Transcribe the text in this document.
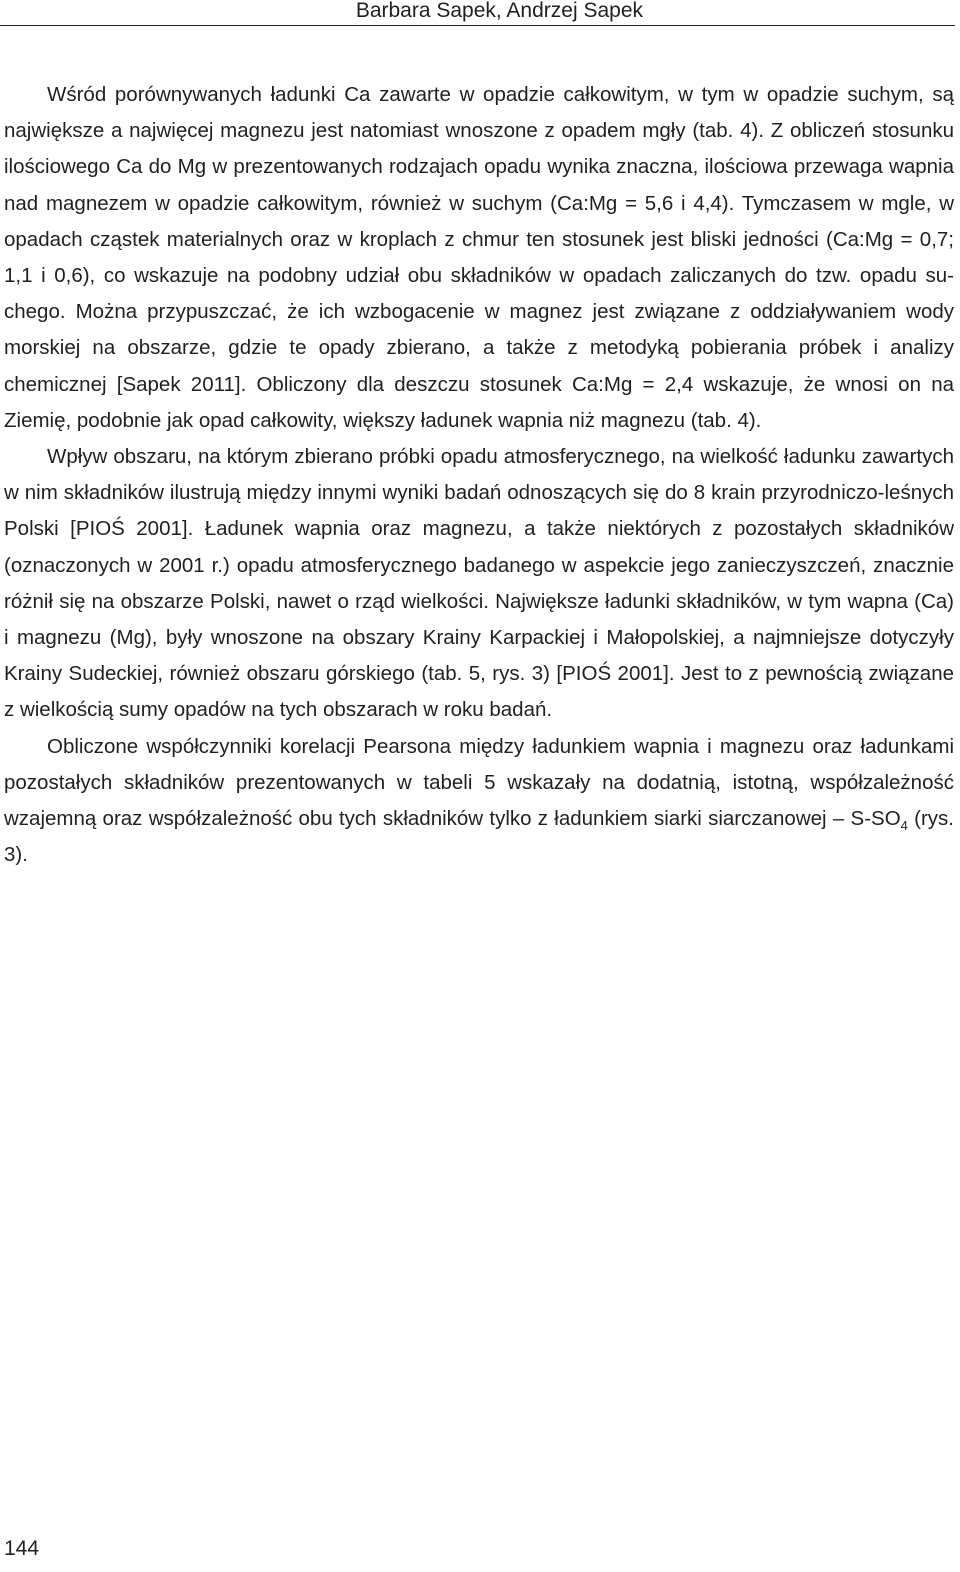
Barbara Sapek, Andrzej Sapek

Wśród porównywanych ładunki Ca zawarte w opadzie całkowitym, w tym w opadzie suchym, są największe a najwięcej magnezu jest natomiast wnoszone z opadem mgły (tab. 4). Z obliczeń stosunku ilościowego Ca do Mg w prezentowanych rodzajach opadu wynika znaczna, ilościowa przewaga wapnia nad magnezem w opadzie całkowitym, również w suchym (Ca:Mg = 5,6 i 4,4). Tymczasem w mgle, w opadach cząstek materialnych oraz w kroplach z chmur ten stosunek jest bliski jedności (Ca:Mg = 0,7; 1,1 i 0,6), co wskazuje na podobny udział obu składników w opadach zaliczanych do tzw. opadu suchego. Można przypuszczać, że ich wzbogacenie w magnez jest związane z oddziaływaniem wody morskiej na obszarze, gdzie te opady zbierano, a także z metodyką pobierania próbek i analizy chemicznej [Sapek 2011]. Obliczony dla deszczu stosunek Ca:Mg = 2,4 wskazuje, że wnosi on na Ziemię, podobnie jak opad całkowity, większy ładunek wapnia niż magnezu (tab. 4).

Wpływ obszaru, na którym zbierano próbki opadu atmosferycznego, na wielkość ładunku zawartych w nim składników ilustrują między innymi wyniki badań odnoszących się do 8 krain przyrodniczo-leśnych Polski [PIOŚ 2001]. Ładunek wapnia oraz magnezu, a także niektórych z pozostałych składników (oznaczonych w 2001 r.) opadu atmosferycznego badanego w aspekcie jego zanieczyszczeń, znacznie różnił się na obszarze Polski, nawet o rząd wielkości. Największe ładunki składników, w tym wapna (Ca) i magnezu (Mg), były wnoszone na obszary Krainy Karpackiej i Małopolskiej, a najmniejsze dotyczyły Krainy Sudeckiej, również obszaru górskiego (tab. 5, rys. 3) [PIOŚ 2001]. Jest to z pewnością związane z wielkością sumy opadów na tych obszarach w roku badań.

Obliczone współczynniki korelacji Pearsona między ładunkiem wapnia i magnezu oraz ładunkami pozostałych składników prezentowanych w tabeli 5 wskazały na dodatnią, istotną, współzależność wzajemną oraz współzależność obu tych składników tylko z ładunkiem siarki siarczanowej – $S-SO_4$ (rys. 3).

144
